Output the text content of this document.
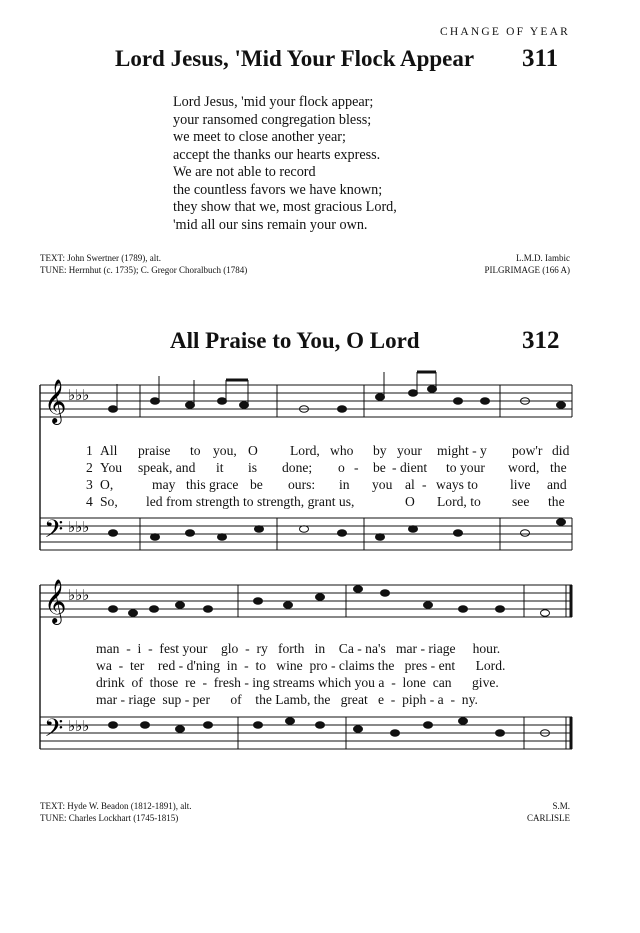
CHANGE OF YEAR
Lord Jesus, 'Mid Your Flock Appear 311
Lord Jesus, 'mid your flock appear;
your ransomed congregation bless;
we meet to close another year;
accept the thanks our hearts express.
We are not able to record
the countless favors we have known;
they show that we, most gracious Lord,
'mid all our sins remain your own.
TEXT: John Swertner (1789), alt.
TUNE: Herrnhut (c. 1735); C. Gregor Choralbuch (1784)
L.M.D. Iambic
PILGRIMAGE (166 A)
All Praise to You, O Lord	312
𝄞
𝄢
♭♭♭
♭♭♭
1 All praise to you, O Lord, who by your might - y pow'r did
2 You speak, and it is done; o - be - dient to your word, the
3 O,	may this grace be ours: in you al - ways to live and
4 So, led from strength to strength, grant us,	O Lord, to see the
𝄞
𝄢
♭♭♭
♭♭♭
man  -  i  -  fest your    glo  -  ry   forth   in    Ca - na's   mar - riage     hour.
wa  -  ter    red - d'ning  in  -  to   wine  pro - claims the   pres - ent      Lord.
drink  of  those  re  -  fresh - ing streams which you a  -  lone  can      give.
mar - riage  sup - per      of    the Lamb, the   great   e  -  piph - a  -  ny.
TEXT: Hyde W. Beadon (1812-1891), alt.
TUNE: Charles Lockhart (1745-1815)
S.M.
CARLISLE
